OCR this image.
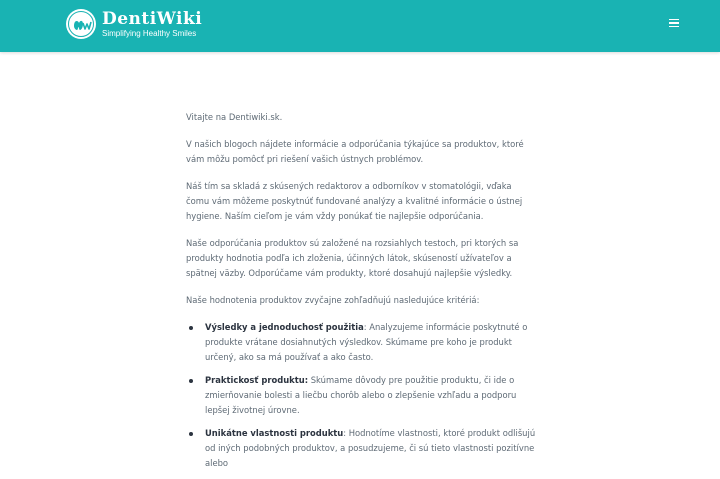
DentiWiki
Simplifying Healthy Smiles

Vitajte na Dentiwiki.sk.

V našich blogoch nájdete informácie a odporúčania týkajúce sa produktov, ktoré vám môžu pomôcť pri riešení vašich ústnych problémov.

Náš tím sa skladá z skúsených redaktorov a odborníkov v stomatológii, vďaka čomu vám môžeme poskytnúť fundované analýzy a kvalitné informácie o ústnej hygiene. Naším cieľom je vám vždy ponúkať tie najlepšie odporúčania.

Naše odporúčania produktov sú založené na rozsiahlych testoch, pri ktorých sa produkty hodnotia podľa ich zloženia, účinných látok, skúseností užívateľov a spätnej väzby. Odporúčame vám produkty, ktoré dosahujú najlepšie výsledky.

Naše hodnotenia produktov zvyčajne zohľadňujú nasledujúce kritériá:

Výsledky a jednoduchosť použitia: Analyzujeme informácie poskytnuté o produkte vrátane dosiahnutých výsledkov. Skúmame pre koho je produkt určený, ako sa má používať a ako často.
Praktickosť produktu: Skúmame dôvody pre použitie produktu, či ide o zmierňovanie bolesti a liečbu chorôb alebo o zlepšenie vzhľadu a podporu lepšej životnej úrovne.
Unikátne vlastnosti produktu: Hodnotíme vlastnosti, ktoré produkt odlišujú od iných podobných produktov, a posudzujeme, či sú tieto vlastnosti pozitívne alebo
